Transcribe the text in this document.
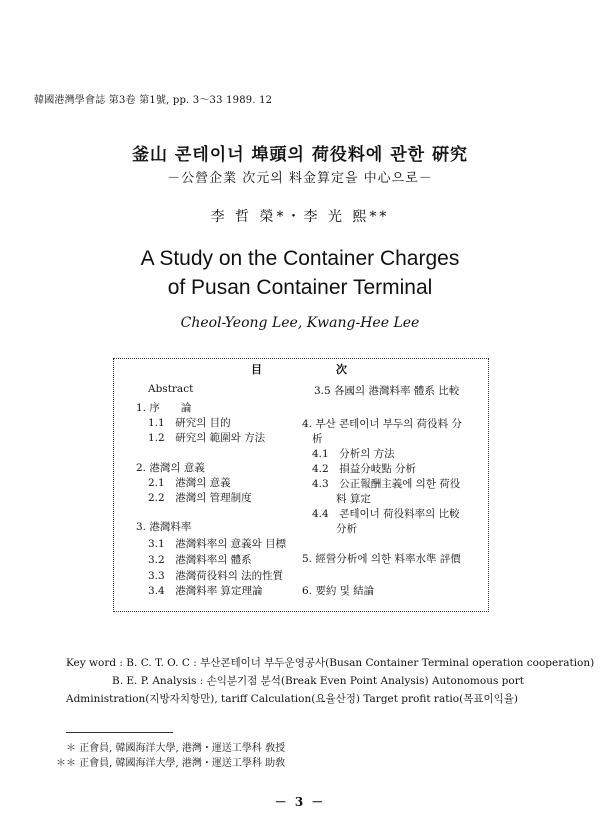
韓國港灣學會誌 第3卷 第1號, pp. 3～33 1989. 12
釜山 콘테이너 埠頭의 荷役料에 관한 硏究
－公營企業 次元의 料金算定을 中心으로－
李 哲 榮*・李 光 熙**
A Study on the Container Charges
of Pusan Container Terminal
Cheol-Yeong Lee, Kwang-Hee Lee
目	次
Abstract
1. 序　　論
1.1　硏究의 目的
1.2　硏究의 範圍와 方法
2. 港灣의 意義
2.1　港灣의 意義
2.2　港灣의 管理制度
3. 港灣料率
3.1　港灣料率의 意義와 目標
3.2　港灣料率의 體系
3.3　港灣荷役料의 法的性質
3.4　港灣料率 算定理論
3.5 各國의 港灣料率 體系 比較
4. 부산 콘테이너 부두의 荷役料 分
析
4.1　分析의 方法
4.2　損益分岐點 分析
4.3　公正報酬主義에 의한 荷役
料 算定
4.4　콘테이너 荷役料率의 比較
分析
5. 經營分析에 의한 料率水準 評價
6. 要約 및 結論
Key word : B. C. T. O. C : 부산콘테이너 부두운영공사(Busan Container Terminal operation cooperation)
B. E. P. Analysis : 손익분기점 분석(Break Even Point Analysis) Autonomous port
Administration(지방자치항만), tariff Calculation(요율산정) Target profit ratio(목표이익율)
＊ 正會員, 韓國海洋大學, 港灣・運送工學科 敎授
＊＊ 正會員, 韓國海洋大學, 港灣・運送工學科 助敎
－ 3 －
